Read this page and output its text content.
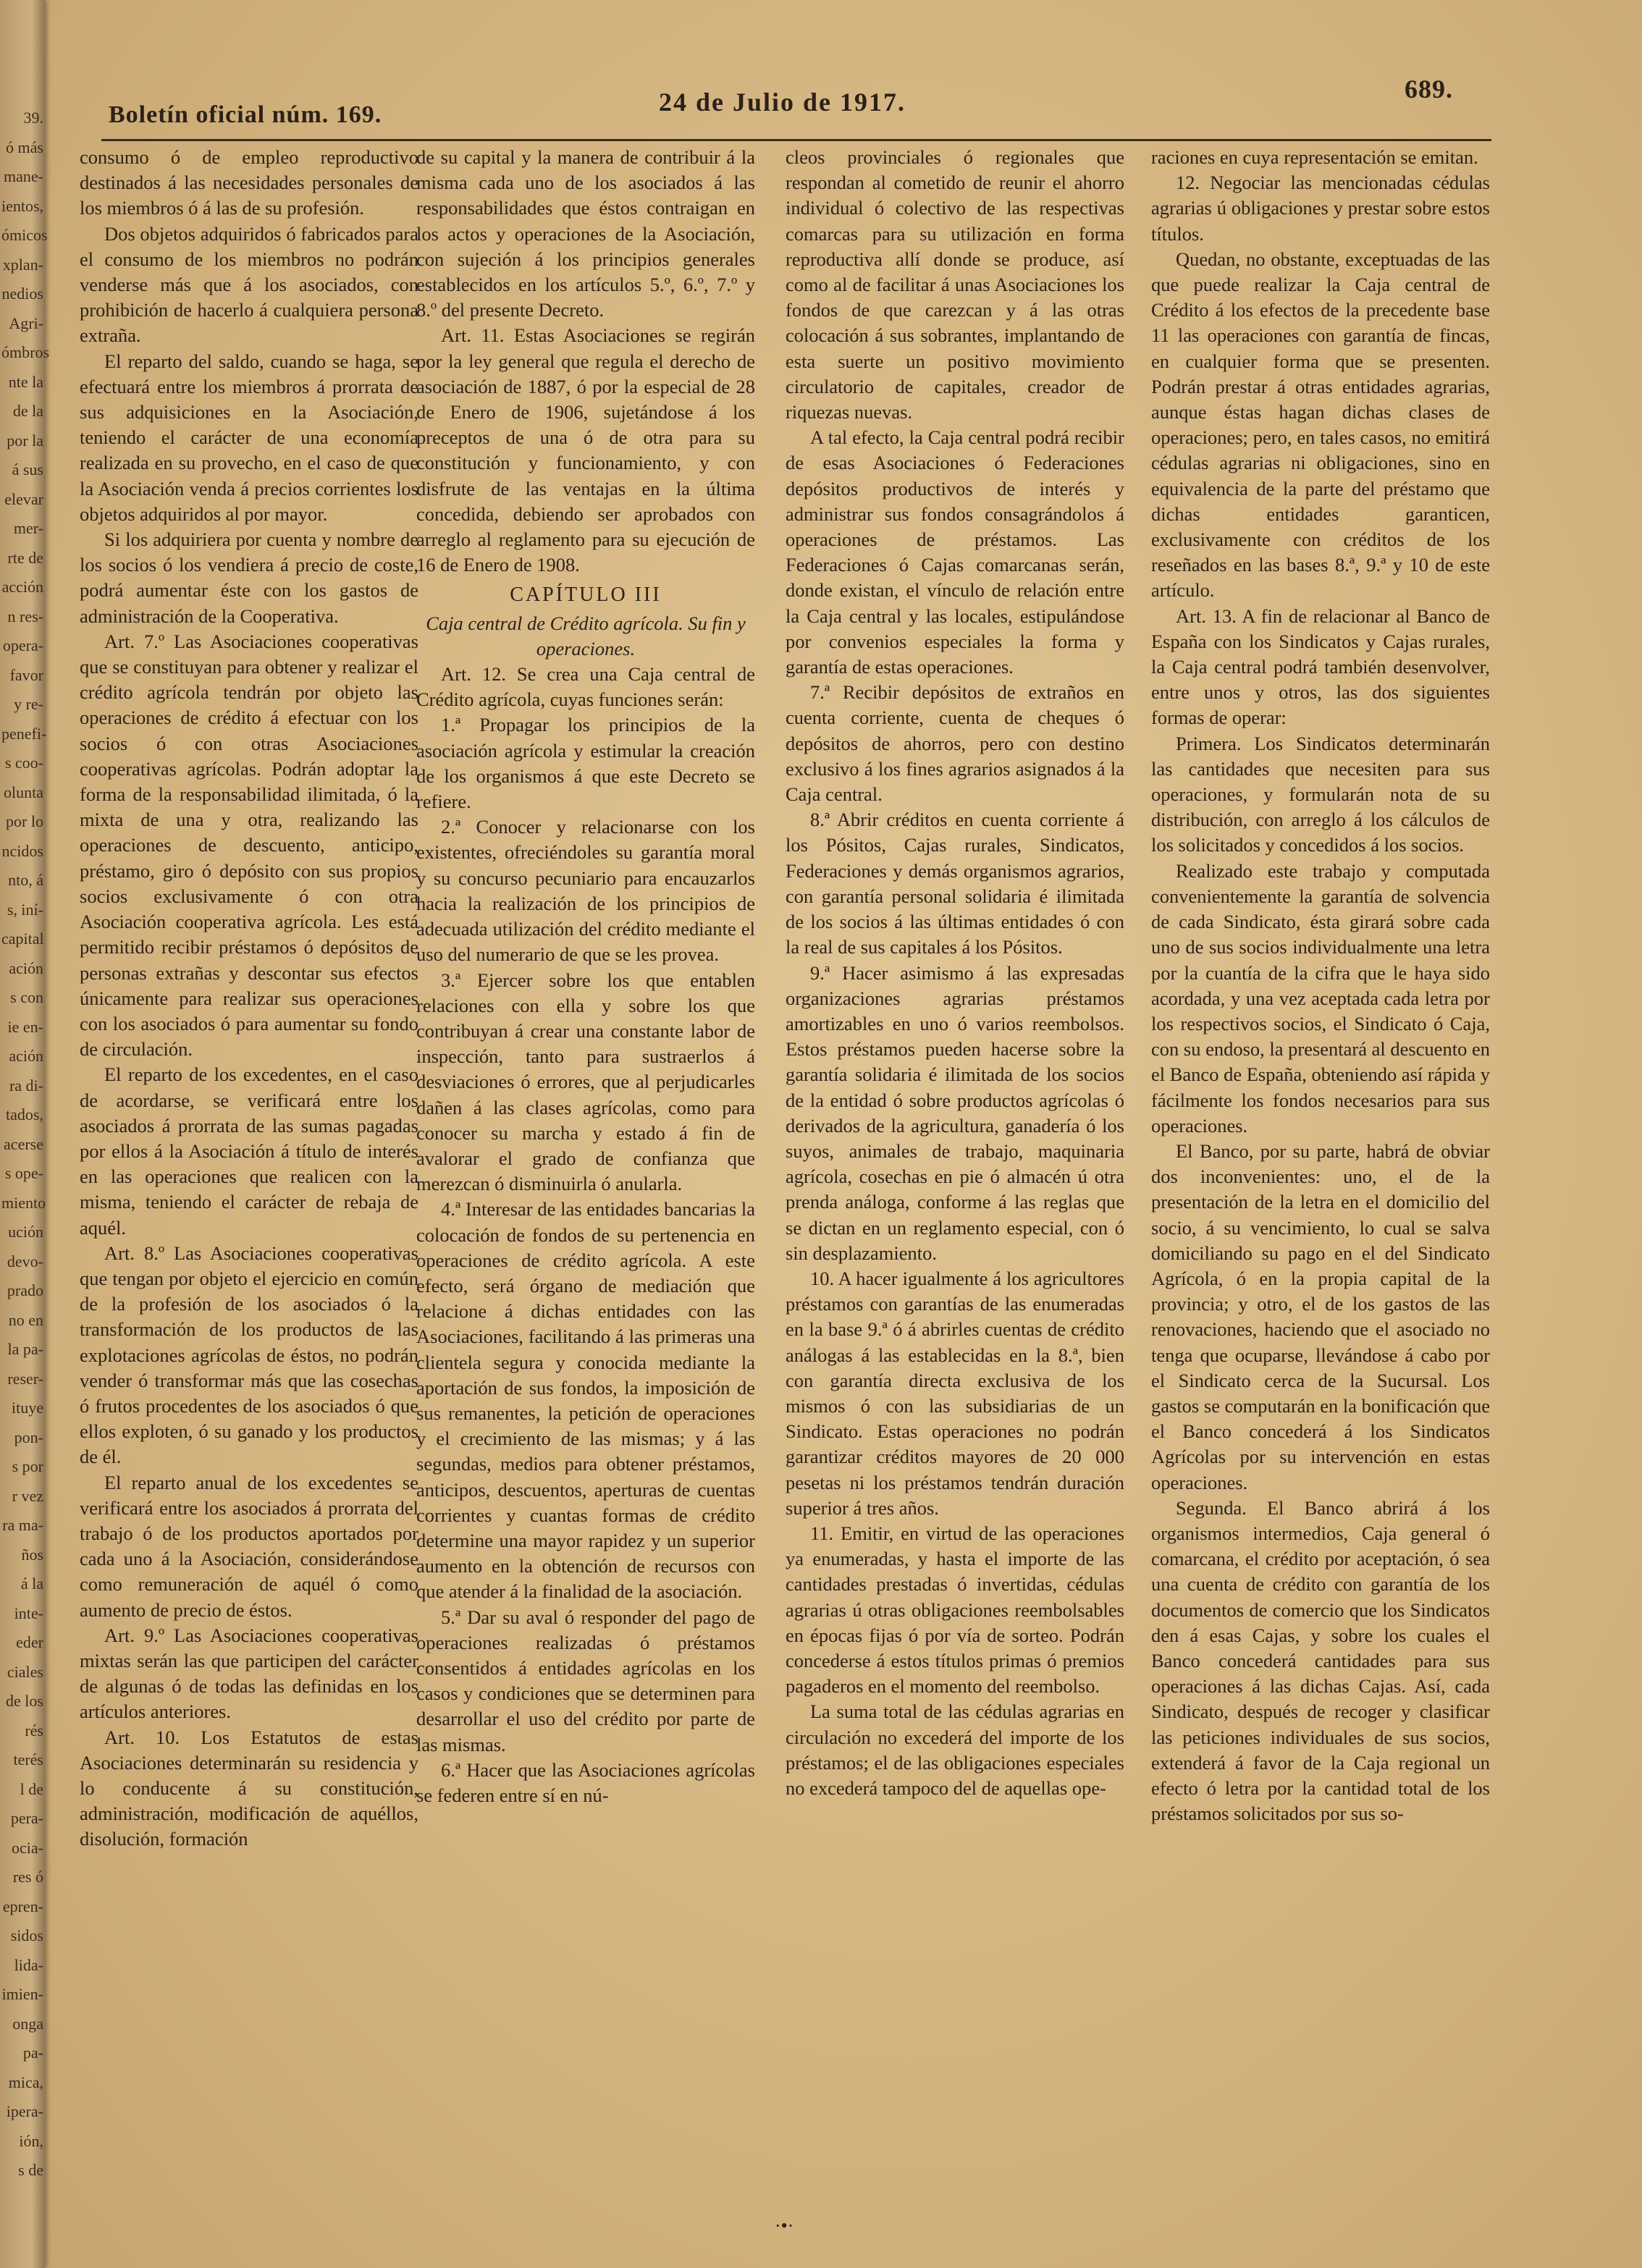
39.
ó más
mane-
ientos,
ómicos
xplan-
nedios
Agri-
ómbros
nte la
de la
por la
á sus
elevar
mer-
rte de
acción
n res-
opera-
favor
y re-
penefi-
s coo-
olunta
por lo
ncidos
nto, á
s, iní-
capital
ación
s con
ie en-
ación
ra di-
tados,
acerse
s ope-
miento
ución
devo-
prado
no en
la pa-
reser-
ituye
pon-
s por
r vez
ra ma-
ños
á la
inte-
eder
ciales
de los
rés
terés
l de
pera-
ocia-
res ó
epren-
sidos
lida-
imien-
onga
pa-
mica,
ipera-
ión,
s de
Boletín oficial núm. 169.	24 de Julio de 1917.	689.

consumo ó de empleo reproductivo destinados á las necesidades personales de los miembros ó á las de su profesión.

Dos objetos adquiridos ó fabricados para el consumo de los miembros no podrán venderse más que á los asociados, con prohibición de hacerlo á cualquiera persona extraña.

El reparto del saldo, cuando se haga, se efectuará entre los miembros á prorrata de sus adquisiciones en la Asociación, teniendo el carácter de una economía realizada en su provecho, en el caso de que la Asociación venda á precios corrientes los objetos adquiridos al por mayor.

Si los adquiriera por cuenta y nombre de los socios ó los vendiera á precio de coste, podrá aumentar éste con los gastos de administración de la Cooperativa.

Art. 7.º Las Asociaciones cooperativas que se constituyan para obtener y realizar el crédito agrícola tendrán por objeto las operaciones de crédito á efectuar con los socios ó con otras Asociaciones cooperativas agrícolas. Podrán adoptar la forma de la responsabilidad ilimitada, ó la mixta de una y otra, realizando las operaciones de descuento, anticipo, préstamo, giro ó depósito con sus propios socios exclusivamente ó con otra Asociación cooperativa agrícola. Les está permitido recibir préstamos ó depósitos de personas extrañas y descontar sus efectos únicamente para realizar sus operaciones con los asociados ó para aumentar su fondo de circulación.

El reparto de los excedentes, en el caso de acordarse, se verificará entre los asociados á prorrata de las sumas pagadas por ellos á la Asociación á título de interés en las operaciones que realicen con la misma, teniendo el carácter de rebaja de aquél.

Art. 8.º Las Asociaciones cooperativas que tengan por objeto el ejercicio en común de la profesión de los asociados ó la transformación de los productos de las explotaciones agrícolas de éstos, no podrán vender ó transformar más que las cosechas ó frutos procedentes de los asociados ó que ellos exploten, ó su ganado y los productos de él.

El reparto anual de los excedentes se verificará entre los asociados á prorrata del trabajo ó de los productos aportados por cada uno á la Asociación, considerándose como remuneración de aquél ó como aumento de precio de éstos.

Art. 9.º Las Asociaciones cooperativas mixtas serán las que participen del carácter de algunas ó de todas las definidas en los artículos anteriores.

Art. 10. Los Estatutos de estas Asociaciones determinarán su residencia y lo conducente á su constitución, administración, modificación de aquéllos, disolución, formación

de su capital y la manera de contribuir á la misma cada uno de los asociados á las responsabilidades que éstos contraigan en los actos y operaciones de la Asociación, con sujeción á los principios generales establecidos en los artículos 5.º, 6.º, 7.º y 8.º del presente Decreto.

Art. 11. Estas Asociaciones se regirán por la ley general que regula el derecho de asociación de 1887, ó por la especial de 28 de Enero de 1906, sujetándose á los preceptos de una ó de otra para su constitución y funcionamiento, y con disfrute de las ventajas en la última concedida, debiendo ser aprobados con arreglo al reglamento para su ejecución de 16 de Enero de 1908.

CAPÍTULO III

Caja central de Crédito agrícola. Su fin y operaciones.

Art. 12. Se crea una Caja central de Crédito agrícola, cuyas funciones serán:

1.ª Propagar los principios de la asociación agrícola y estimular la creación de los organismos á que este Decreto se refiere.

2.ª Conocer y relacionarse con los existentes, ofreciéndoles su garantía moral y su concurso pecuniario para encauzarlos hacia la realización de los principios de adecuada utilización del crédito mediante el uso del numerario de que se les provea.

3.ª Ejercer sobre los que entablen relaciones con ella y sobre los que contribuyan á crear una constante labor de inspección, tanto para sustraerlos á desviaciones ó errores, que al perjudicarles dañen á las clases agrícolas, como para conocer su marcha y estado á fin de avalorar el grado de confianza que merezcan ó disminuirla ó anularla.

4.ª Interesar de las entidades bancarias la colocación de fondos de su pertenencia en operaciones de crédito agrícola. A este efecto, será órgano de mediación que relacione á dichas entidades con las Asociaciones, facilitando á las primeras una clientela segura y conocida mediante la aportación de sus fondos, la imposición de sus remanentes, la petición de operaciones y el crecimiento de las mismas; y á las segundas, medios para obtener préstamos, anticipos, descuentos, aperturas de cuentas corrientes y cuantas formas de crédito determine una mayor rapidez y un superior aumento en la obtención de recursos con que atender á la finalidad de la asociación.

5.ª Dar su aval ó responder del pago de operaciones realizadas ó préstamos consentidos á entidades agrícolas en los casos y condiciones que se determinen para desarrollar el uso del crédito por parte de las mismas.

6.ª Hacer que las Asociaciones agrícolas se federen entre sí en nú-

cleos provinciales ó regionales que respondan al cometido de reunir el ahorro individual ó colectivo de las respectivas comarcas para su utilización en forma reproductiva allí donde se produce, así como al de facilitar á unas Asociaciones los fondos de que carezcan y á las otras colocación á sus sobrantes, implantando de esta suerte un positivo movimiento circulatorio de capitales, creador de riquezas nuevas.

A tal efecto, la Caja central podrá recibir de esas Asociaciones ó Federaciones depósitos productivos de interés y administrar sus fondos consagrándolos á operaciones de préstamos. Las Federaciones ó Cajas comarcanas serán, donde existan, el vínculo de relación entre la Caja central y las locales, estipulándose por convenios especiales la forma y garantía de estas operaciones.

7.ª Recibir depósitos de extraños en cuenta corriente, cuenta de cheques ó depósitos de ahorros, pero con destino exclusivo á los fines agrarios asignados á la Caja central.

8.ª Abrir créditos en cuenta corriente á los Pósitos, Cajas rurales, Sindicatos, Federaciones y demás organismos agrarios, con garantía personal solidaria é ilimitada de los socios á las últimas entidades ó con la real de sus capitales á los Pósitos.

9.ª Hacer asimismo á las expresadas organizaciones agrarias préstamos amortizables en uno ó varios reembolsos. Estos préstamos pueden hacerse sobre la garantía solidaria é ilimitada de los socios de la entidad ó sobre productos agrícolas ó derivados de la agricultura, ganadería ó los suyos, animales de trabajo, maquinaria agrícola, cosechas en pie ó almacén ú otra prenda análoga, conforme á las reglas que se dictan en un reglamento especial, con ó sin desplazamiento.

10. A hacer igualmente á los agricultores préstamos con garantías de las enumeradas en la base 9.ª ó á abrirles cuentas de crédito análogas á las establecidas en la 8.ª, bien con garantía directa exclusiva de los mismos ó con las subsidiarias de un Sindicato. Estas operaciones no podrán garantizar créditos mayores de 20 000 pesetas ni los préstamos tendrán duración superior á tres años.

11. Emitir, en virtud de las operaciones ya enumeradas, y hasta el importe de las cantidades prestadas ó invertidas, cédulas agrarias ú otras obligaciones reembolsables en épocas fijas ó por vía de sorteo. Podrán concederse á estos títulos primas ó premios pagaderos en el momento del reembolso.

La suma total de las cédulas agrarias en circulación no excederá del importe de los préstamos; el de las obligaciones especiales no excederá tampoco del de aquellas ope-

raciones en cuya representación se emitan.

12. Negociar las mencionadas cédulas agrarias ú obligaciones y prestar sobre estos títulos.

Quedan, no obstante, exceptuadas de las que puede realizar la Caja central de Crédito á los efectos de la precedente base 11 las operaciones con garantía de fincas, en cualquier forma que se presenten. Podrán prestar á otras entidades agrarias, aunque éstas hagan dichas clases de operaciones; pero, en tales casos, no emitirá cédulas agrarias ni obligaciones, sino en equivalencia de la parte del préstamo que dichas entidades garanticen, exclusivamente con créditos de los reseñados en las bases 8.ª, 9.ª y 10 de este artículo.

Art. 13. A fin de relacionar al Banco de España con los Sindicatos y Cajas rurales, la Caja central podrá también desenvolver, entre unos y otros, las dos siguientes formas de operar:

Primera. Los Sindicatos determinarán las cantidades que necesiten para sus operaciones, y formularán nota de su distribución, con arreglo á los cálculos de los solicitados y concedidos á los socios.

Realizado este trabajo y computada convenientemente la garantía de solvencia de cada Sindicato, ésta girará sobre cada uno de sus socios individualmente una letra por la cuantía de la cifra que le haya sido acordada, y una vez aceptada cada letra por los respectivos socios, el Sindicato ó Caja, con su endoso, la presentará al descuento en el Banco de España, obteniendo así rápida y fácilmente los fondos necesarios para sus operaciones.

El Banco, por su parte, habrá de obviar dos inconvenientes: uno, el de la presentación de la letra en el domicilio del socio, á su vencimiento, lo cual se salva domiciliando su pago en el del Sindicato Agrícola, ó en la propia capital de la provincia; y otro, el de los gastos de las renovaciones, haciendo que el asociado no tenga que ocuparse, llevándose á cabo por el Sindicato cerca de la Sucursal. Los gastos se computarán en la bonificación que el Banco concederá á los Sindicatos Agrícolas por su intervención en estas operaciones.

Segunda. El Banco abrirá á los organismos intermedios, Caja general ó comarcana, el crédito por aceptación, ó sea una cuenta de crédito con garantía de los documentos de comercio que los Sindicatos den á esas Cajas, y sobre los cuales el Banco concederá cantidades para sus operaciones á las dichas Cajas. Así, cada Sindicato, después de recoger y clasificar las peticiones individuales de sus socios, extenderá á favor de la Caja regional un efecto ó letra por la cantidad total de los préstamos solicitados por sus so-

·•·
